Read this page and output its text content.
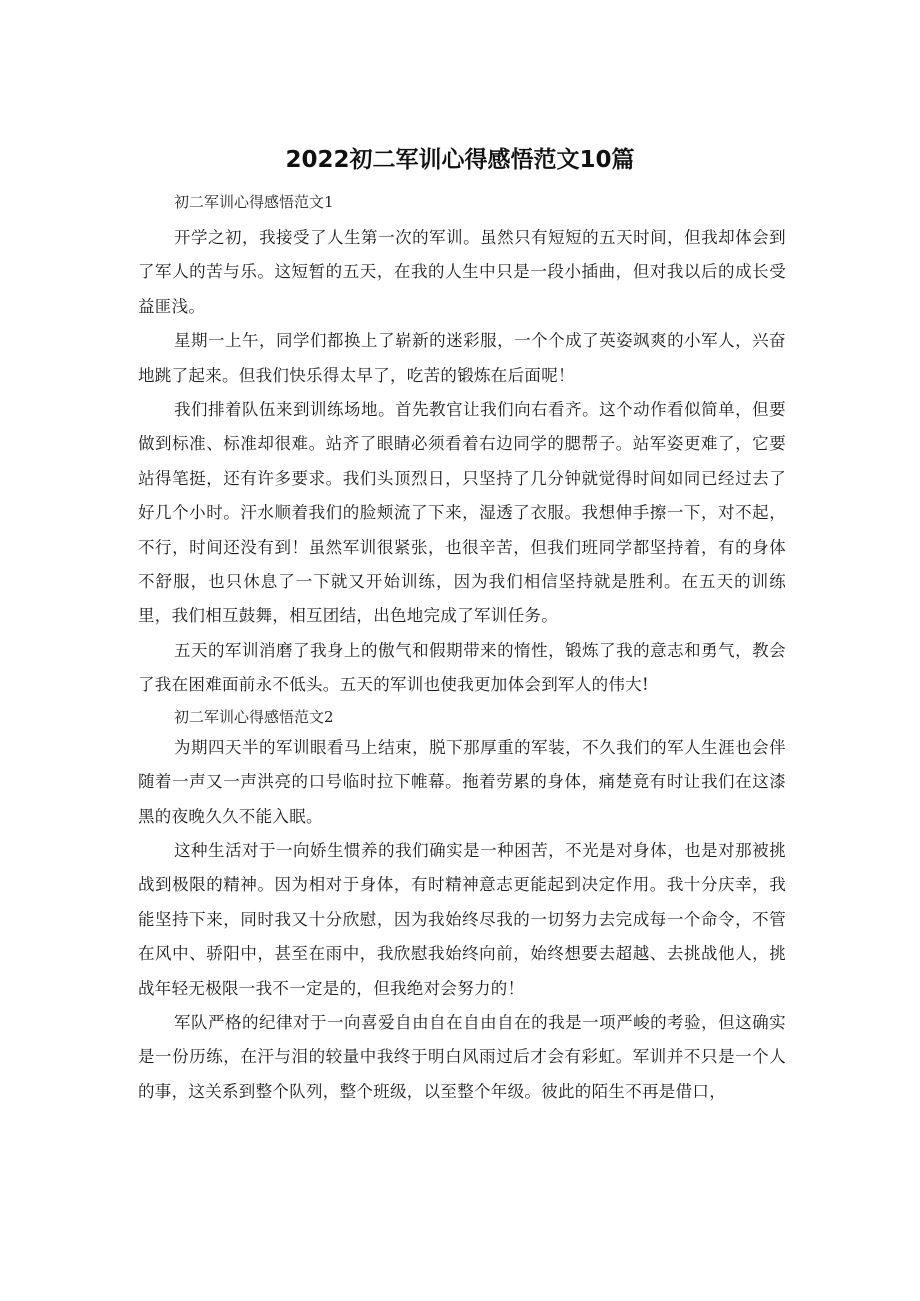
2022初二军训心得感悟范文10篇
初二军训心得感悟范文1

开学之初，我接受了人生第一次的军训。虽然只有短短的五天时间，但我却体会到了军人的苦与乐。这短暂的五天，在我的人生中只是一段小插曲，但对我以后的成长受益匪浅。

星期一上午，同学们都换上了崭新的迷彩服，一个个成了英姿飒爽的小军人，兴奋地跳了起来。但我们快乐得太早了，吃苦的锻炼在后面呢！

我们排着队伍来到训练场地。首先教官让我们向右看齐。这个动作看似简单，但要做到标准、标准却很难。站齐了眼睛必须看着右边同学的腮帮子。站军姿更难了，它要站得笔挺，还有许多要求。我们头顶烈日，只坚持了几分钟就觉得时间如同已经过去了好几个小时。汗水顺着我们的脸颊流了下来，湿透了衣服。我想伸手擦一下，对不起，不行，时间还没有到！虽然军训很紧张，也很辛苦，但我们班同学都坚持着，有的身体不舒服，也只休息了一下就又开始训练，因为我们相信坚持就是胜利。在五天的训练里，我们相互鼓舞，相互团结，出色地完成了军训任务。

五天的军训消磨了我身上的傲气和假期带来的惰性，锻炼了我的意志和勇气，教会了我在困难面前永不低头。五天的军训也使我更加体会到军人的伟大!

初二军训心得感悟范文2

为期四天半的军训眼看马上结束，脱下那厚重的军装，不久我们的军人生涯也会伴随着一声又一声洪亮的口号临时拉下帷幕。拖着劳累的身体，痛楚竟有时让我们在这漆黑的夜晚久久不能入眠。

这种生活对于一向娇生惯养的我们确实是一种困苦，不光是对身体，也是对那被挑战到极限的精神。因为相对于身体，有时精神意志更能起到决定作用。我十分庆幸，我能坚持下来，同时我又十分欣慰，因为我始终尽我的一切努力去完成每一个命令，不管在风中、骄阳中，甚至在雨中，我欣慰我始终向前，始终想要去超越、去挑战他人，挑战年轻无极限一我不一定是的，但我绝对会努力的！

军队严格的纪律对于一向喜爱自由自在自由自在的我是一项严峻的考验，但这确实是一份历练，在汗与泪的较量中我终于明白风雨过后才会有彩虹。军训并不只是一个人的事，这关系到整个队列，整个班级，以至整个年级。彼此的陌生不再是借口，
